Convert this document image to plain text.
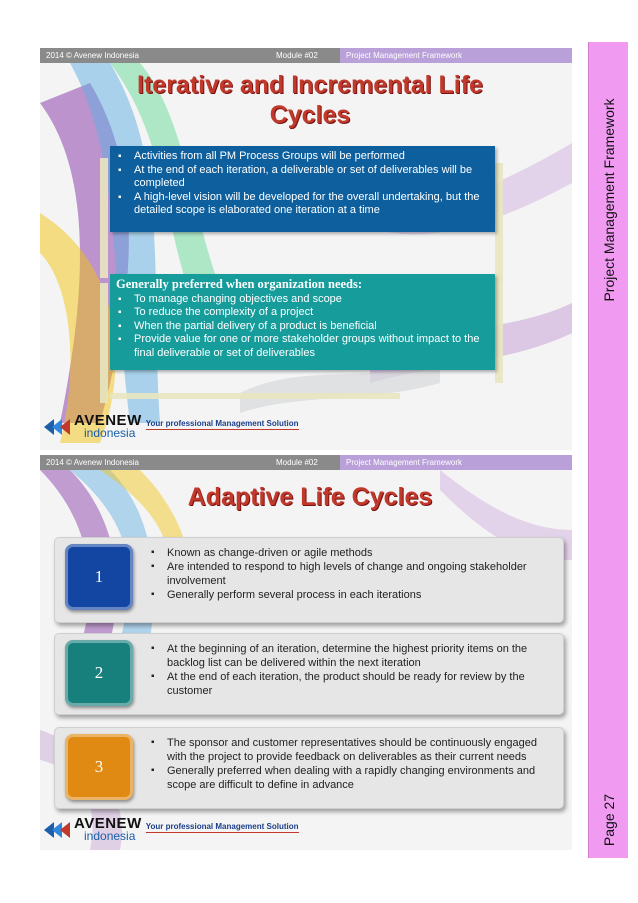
Project Management Framework
Page 27
2014 © Avenew Indonesia	Module #02	Project Management Framework
Iterative and Incremental Life
Cycles
▪ Activities from all PM Process Groups will be performed
▪ At the end of each iteration, a deliverable or set of deliverables will be completed
▪ A high-level vision will be developed for the overall undertaking, but the detailed scope is elaborated one iteration at a time
Generally preferred when organization needs:
▪ To manage changing objectives and scope
▪ To reduce the complexity of a project
▪ When the partial delivery of a product is beneficial
▪ Provide value for one or more stakeholder groups without impact to the final deliverable or set of deliverables
AVENEW
indonesia
Your professional Management Solution
2014 © Avenew Indonesia	Module #02	Project Management Framework
Adaptive Life Cycles
1
▪ Known as change-driven or agile methods
▪ Are intended to respond to high levels of change and ongoing stakeholder involvement
▪ Generally perform several process in each iterations
2
▪ At the beginning of an iteration, determine the highest priority items on the backlog list can be delivered within the next iteration
▪ At the end of each iteration, the product should be ready for review by the customer
3
▪ The sponsor and customer representatives should be continuously engaged with the project to provide feedback on deliverables as their current needs
▪ Generally preferred when dealing with a rapidly changing environments and scope are difficult to define in advance
AVENEW
indonesia
Your professional Management Solution
